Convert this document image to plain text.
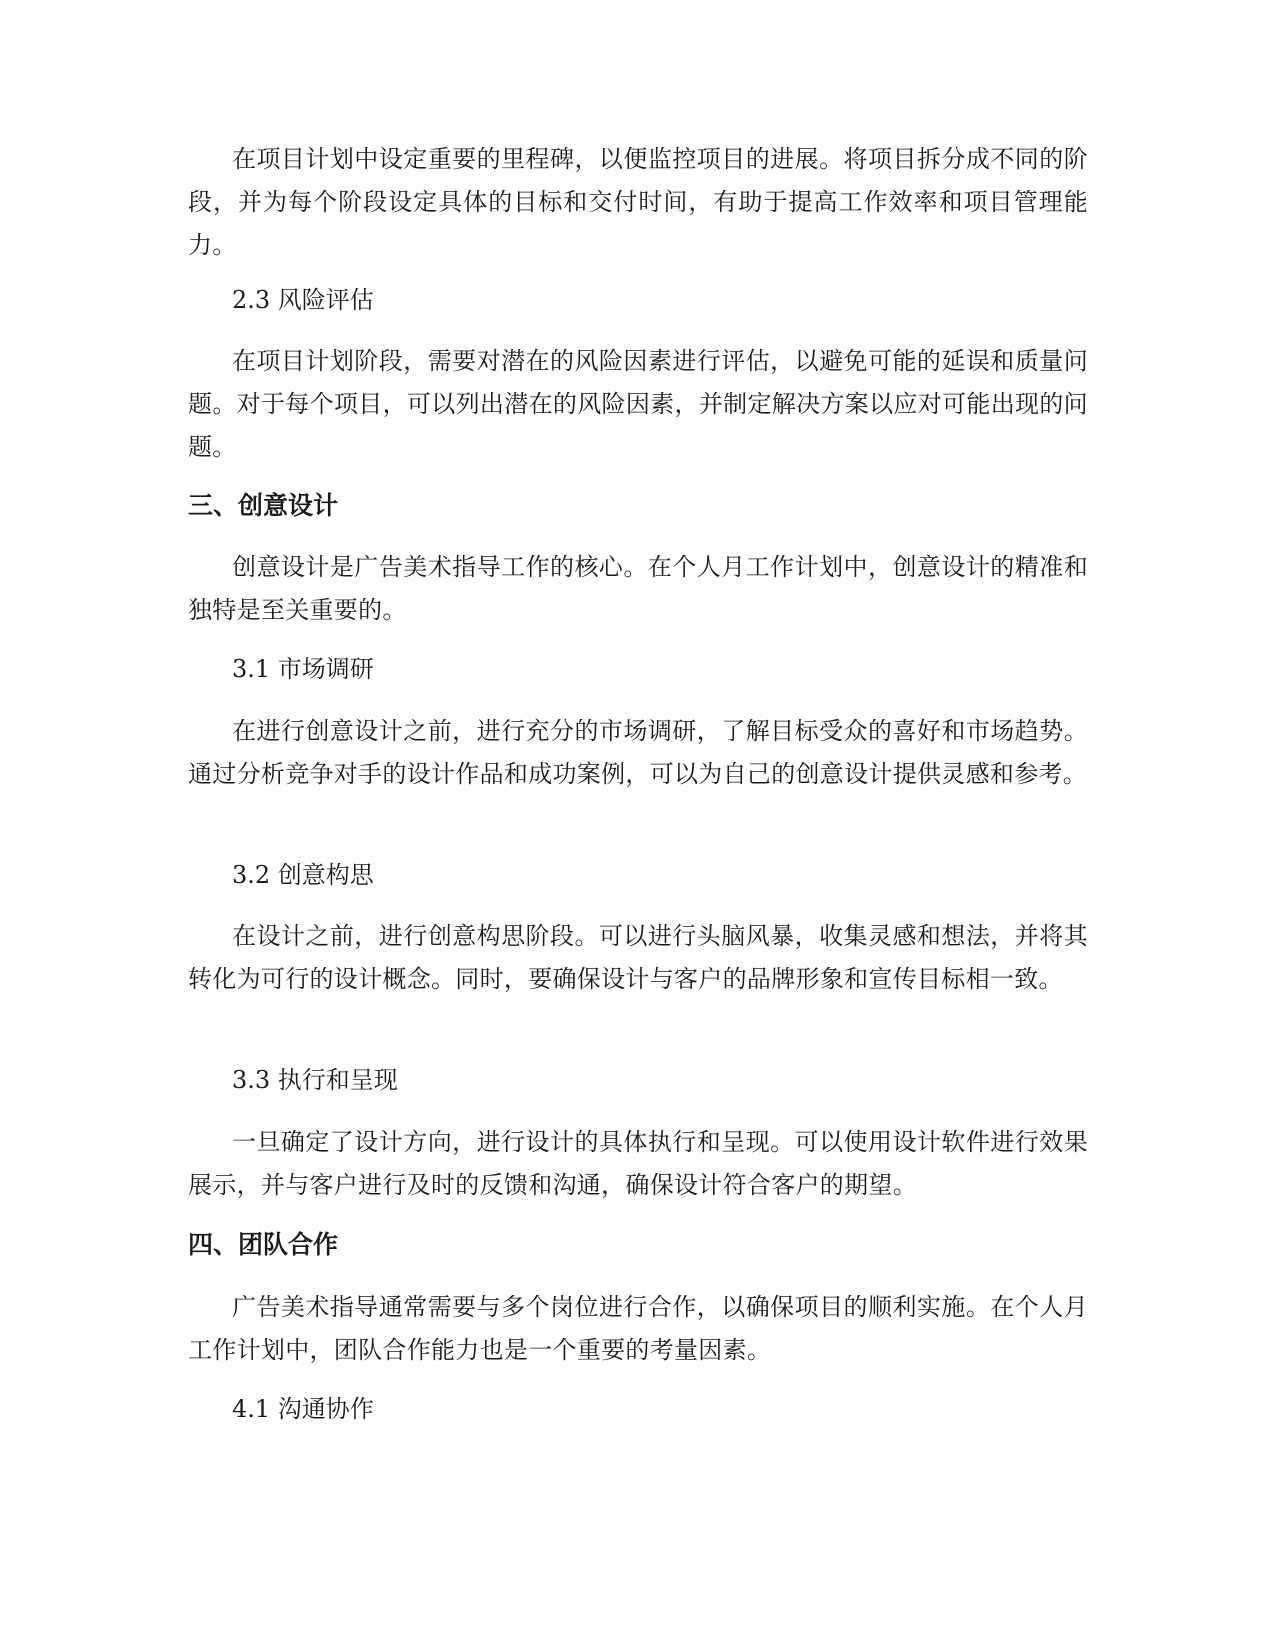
在项目计划中设定重要的里程碑，以便监控项目的进展。将项目拆分成不同的阶段，并为每个阶段设定具体的目标和交付时间，有助于提高工作效率和项目管理能力。

2.3 风险评估

在项目计划阶段，需要对潜在的风险因素进行评估，以避免可能的延误和质量问题。对于每个项目，可以列出潜在的风险因素，并制定解决方案以应对可能出现的问题。

三、创意设计

创意设计是广告美术指导工作的核心。在个人月工作计划中，创意设计的精准和独特是至关重要的。

3.1 市场调研

在进行创意设计之前，进行充分的市场调研，了解目标受众的喜好和市场趋势。通过分析竞争对手的设计作品和成功案例，可以为自己的创意设计提供灵感和参考。

3.2 创意构思

在设计之前，进行创意构思阶段。可以进行头脑风暴，收集灵感和想法，并将其转化为可行的设计概念。同时，要确保设计与客户的品牌形象和宣传目标相一致。

3.3 执行和呈现

一旦确定了设计方向，进行设计的具体执行和呈现。可以使用设计软件进行效果展示，并与客户进行及时的反馈和沟通，确保设计符合客户的期望。

四、团队合作

广告美术指导通常需要与多个岗位进行合作，以确保项目的顺利实施。在个人月工作计划中，团队合作能力也是一个重要的考量因素。

4.1 沟通协作
